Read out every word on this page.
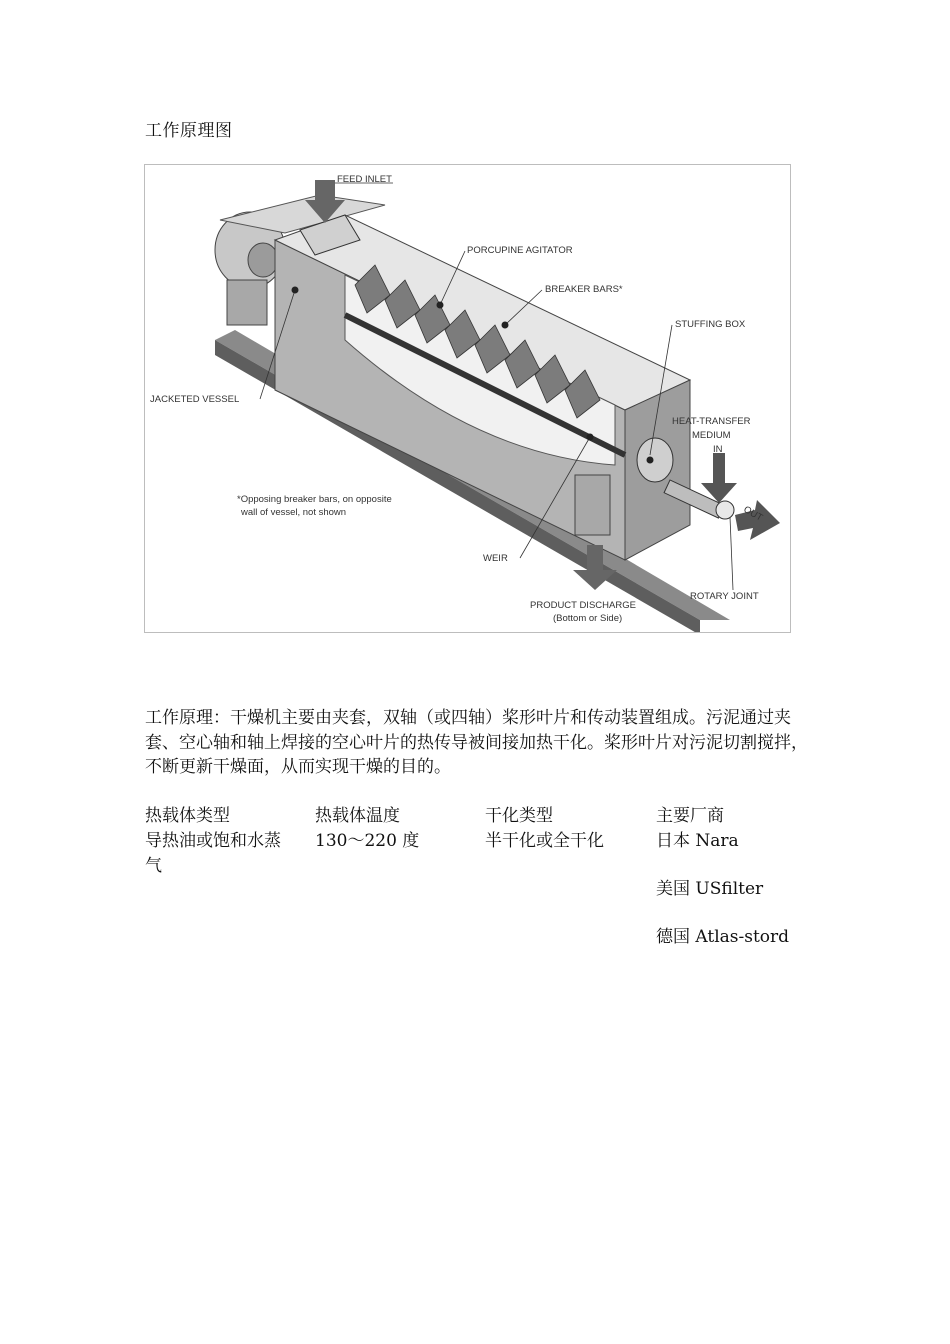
工作原理图
FEED INLET
PORCUPINE AGITATOR
BREAKER BARS*
STUFFING BOX
JACKETED VESSEL
HEAT-TRANSFER
MEDIUM
IN
OUT
*Opposing breaker bars, on opposite
wall of vessel, not shown
WEIR
PRODUCT DISCHARGE
(Bottom or Side)
ROTARY JOINT
工作原理：干燥机主要由夹套，双轴（或四轴）桨形叶片和传动装置组成。污泥通过夹套、空心轴和轴上焊接的空心叶片的热传导被间接加热干化。桨形叶片对污泥切割搅拌，不断更新干燥面，从而实现干燥的目的。
热载体类型
导热油或饱和水蒸气
热载体温度
130～220 度
干化类型
半干化或全干化
主要厂商
日本 Nara
美国 USfilter
德国 Atlas-stord
